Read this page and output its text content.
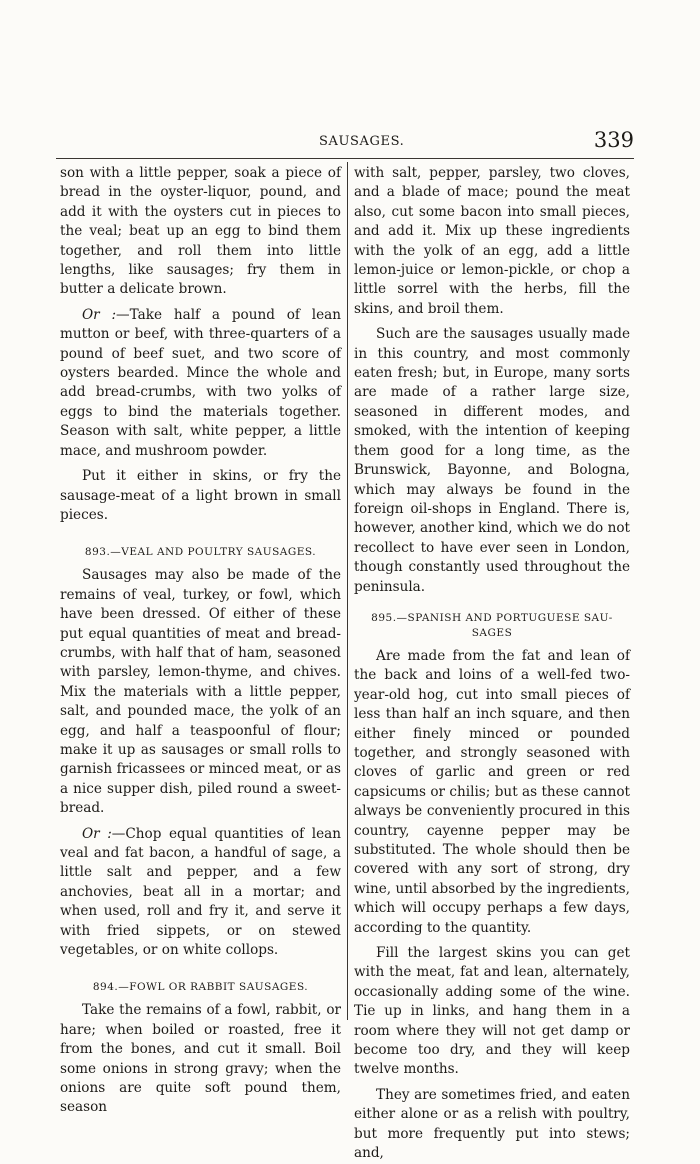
SAUSAGES.	339

son with a little pepper, soak a piece of bread in the oyster-liquor, pound, and add it with the oysters cut in pieces to the veal; beat up an egg to bind them together, and roll them into little lengths, like sausages; fry them in butter a delicate brown.

Or :—Take half a pound of lean mutton or beef, with three-quarters of a pound of beef suet, and two score of oysters bearded. Mince the whole and add bread-crumbs, with two yolks of eggs to bind the materials together. Season with salt, white pepper, a little mace, and mushroom powder.

Put it either in skins, or fry the sausage-meat of a light brown in small pieces.

893.—VEAL AND POULTRY SAUSAGES.

Sausages may also be made of the remains of veal, turkey, or fowl, which have been dressed. Of either of these put equal quantities of meat and bread-crumbs, with half that of ham, seasoned with parsley, lemon-thyme, and chives. Mix the materials with a little pepper, salt, and pounded mace, the yolk of an egg, and half a teaspoonful of flour; make it up as sausages or small rolls to garnish fricassees or minced meat, or as a nice supper dish, piled round a sweet-bread.

Or :—Chop equal quantities of lean veal and fat bacon, a handful of sage, a little salt and pepper, and a few anchovies, beat all in a mortar; and when used, roll and fry it, and serve it with fried sippets, or on stewed vegetables, or on white collops.

894.—FOWL OR RABBIT SAUSAGES.

Take the remains of a fowl, rabbit, or hare; when boiled or roasted, free it from the bones, and cut it small. Boil some onions in strong gravy; when the onions are quite soft pound them, season

with salt, pepper, parsley, two cloves, and a blade of mace; pound the meat also, cut some bacon into small pieces, and add it. Mix up these ingredients with the yolk of an egg, add a little lemon-juice or lemon-pickle, or chop a little sorrel with the herbs, fill the skins, and broil them.

Such are the sausages usually made in this country, and most commonly eaten fresh; but, in Europe, many sorts are made of a rather large size, seasoned in different modes, and smoked, with the intention of keeping them good for a long time, as the Brunswick, Bayonne, and Bologna, which may always be found in the foreign oil-shops in England. There is, however, another kind, which we do not recollect to have ever seen in London, though constantly used throughout the peninsula.

895.—SPANISH AND PORTUGUESE SAU-
SAGES

Are made from the fat and lean of the back and loins of a well-fed two-year-old hog, cut into small pieces of less than half an inch square, and then either finely minced or pounded together, and strongly seasoned with cloves of garlic and green or red capsicums or chilis; but as these cannot always be conveniently procured in this country, cayenne pepper may be substituted. The whole should then be covered with any sort of strong, dry wine, until absorbed by the ingredients, which will occupy perhaps a few days, according to the quantity.

Fill the largest skins you can get with the meat, fat and lean, alternately, occasionally adding some of the wine. Tie up in links, and hang them in a room where they will not get damp or become too dry, and they will keep twelve months.

They are sometimes fried, and eaten either alone or as a relish with poultry, but more frequently put into stews; and,
